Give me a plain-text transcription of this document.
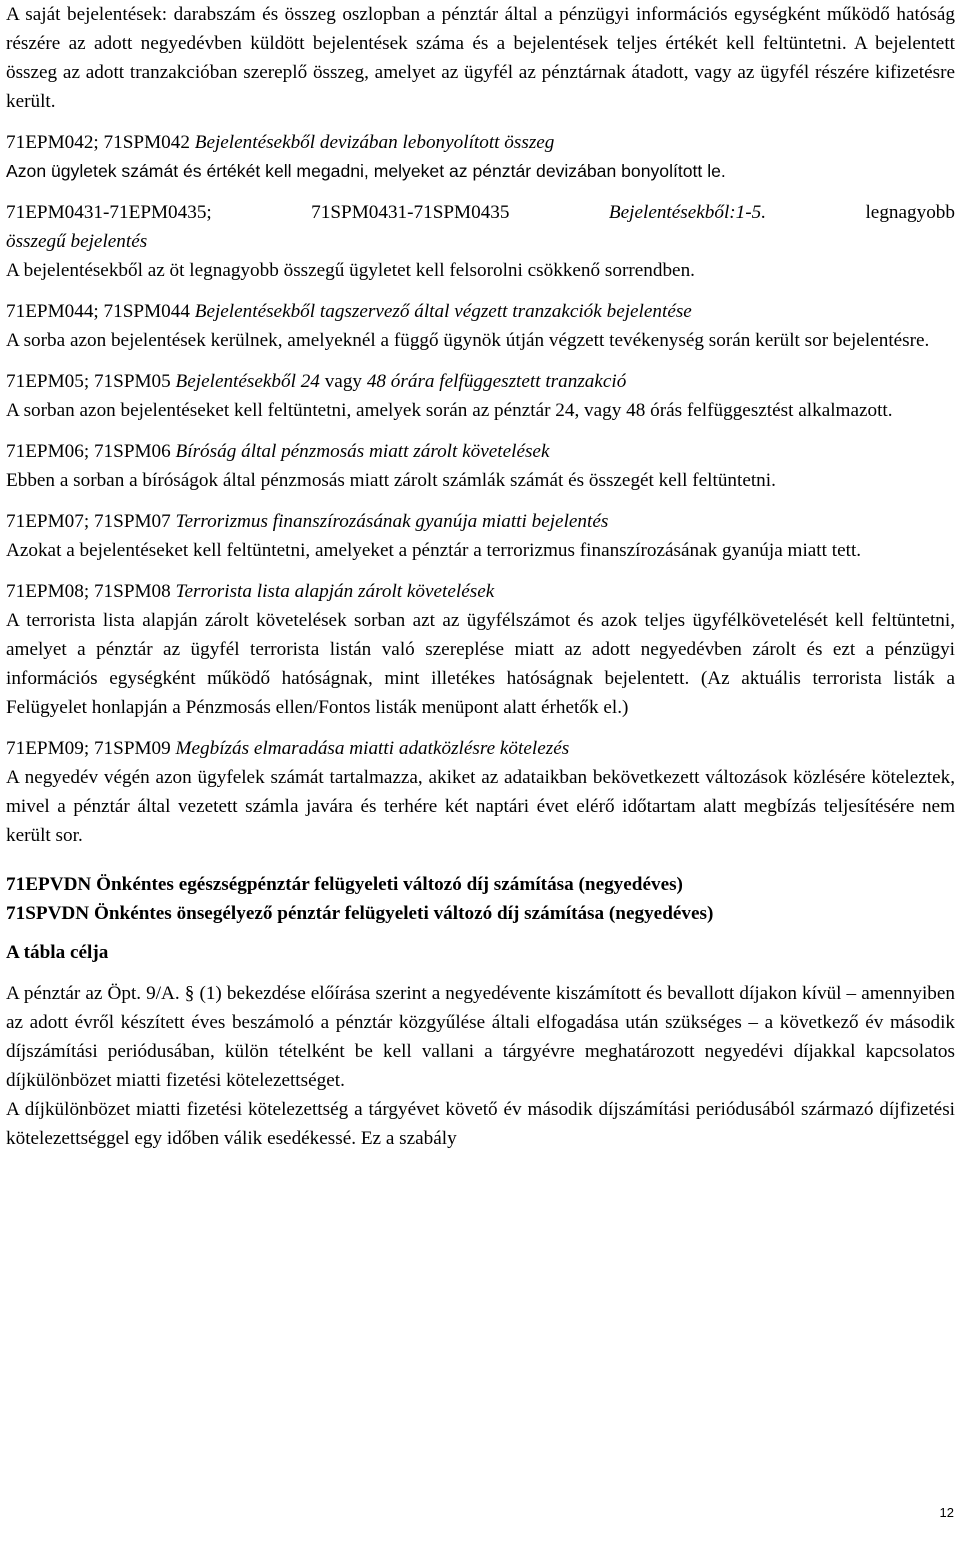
A saját bejelentések: darabszám és összeg oszlopban a pénztár által a pénzügyi információs egységként működő hatóság részére az adott negyedévben küldött bejelentések száma és a bejelentések teljes értékét kell feltüntetni. A bejelentett összeg az adott tranzakcióban szereplő összeg, amelyet az ügyfél az pénztárnak átadott, vagy az ügyfél részére kifizetésre került.

71EPM042; 71SPM042 Bejelentésekből devizában lebonyolított összeg

Azon ügyletek számát és értékét kell megadni, melyeket az pénztár devizában bonyolított le.

71EPM0431-71EPM0435;	71SPM0431-71SPM0435	Bejelentésekből:1-5.	legnagyobb

összegű bejelentés

A bejelentésekből az öt legnagyobb összegű ügyletet kell felsorolni csökkenő sorrendben.

71EPM044; 71SPM044 Bejelentésekből tagszervező által végzett tranzakciók bejelentése

A sorba azon bejelentések kerülnek, amelyeknél a függő ügynök útján végzett tevékenység során került sor bejelentésre.

71EPM05; 71SPM05 Bejelentésekből 24 vagy 48 órára felfüggesztett tranzakció

A sorban azon bejelentéseket kell feltüntetni, amelyek során az pénztár 24, vagy 48 órás felfüggesztést alkalmazott.

71EPM06; 71SPM06 Bíróság által pénzmosás miatt zárolt követelések

Ebben a sorban a bíróságok által pénzmosás miatt zárolt számlák számát és összegét kell feltüntetni.

71EPM07; 71SPM07 Terrorizmus finanszírozásának gyanúja miatti bejelentés

Azokat a bejelentéseket kell feltüntetni, amelyeket a pénztár a terrorizmus finanszírozásának gyanúja miatt tett.

71EPM08; 71SPM08 Terrorista lista alapján zárolt követelések

A terrorista lista alapján zárolt követelések sorban azt az ügyfélszámot és azok teljes ügyfélkövetelését kell feltüntetni, amelyet a pénztár az ügyfél terrorista listán való szereplése miatt az adott negyedévben zárolt és ezt a pénzügyi információs egységként működő hatóságnak, mint illetékes hatóságnak bejelentett. (Az aktuális terrorista listák a Felügyelet honlapján a Pénzmosás ellen/Fontos listák menüpont alatt érhetők el.)

71EPM09; 71SPM09 Megbízás elmaradása miatti adatközlésre kötelezés

A negyedév végén azon ügyfelek számát tartalmazza, akiket az adataikban bekövetkezett változások közlésére köteleztek, mivel a pénztár által vezetett számla javára és terhére két naptári évet elérő időtartam alatt megbízás teljesítésére nem került sor.

71EPVDN Önkéntes egészségpénztár felügyeleti változó díj számítása (negyedéves)

71SPVDN Önkéntes önsegélyező pénztár felügyeleti változó díj számítása (negyedéves)

A tábla célja

A pénztár az Öpt. 9/A. § (1) bekezdése előírása szerint a negyedévente kiszámított és bevallott díjakon kívül – amennyiben az adott évről készített éves beszámoló a pénztár közgyűlése általi elfogadása után szükséges – a következő év második díjszámítási periódusában, külön tételként be kell vallani a tárgyévre meghatározott negyedévi díjakkal kapcsolatos díjkülönbözet miatti fizetési kötelezettséget.

A díjkülönbözet miatti fizetési kötelezettség a tárgyévet követő év második díjszámítási periódusából származó díjfizetési kötelezettséggel egy időben válik esedékessé. Ez a szabály

12
